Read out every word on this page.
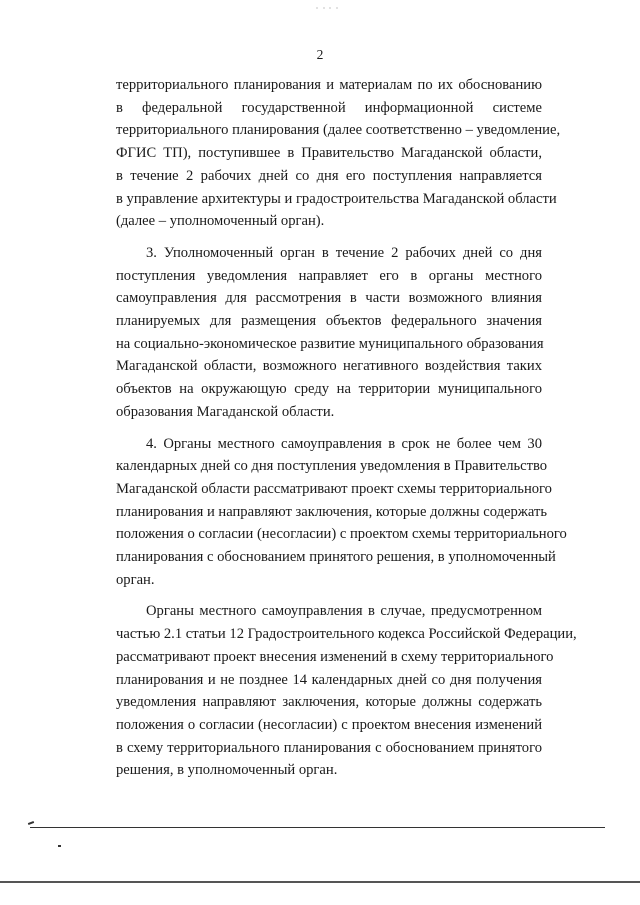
2
территориального планирования и материалам по их обоснованию
в федеральной государственной информационной системе
территориального планирования (далее соответственно – уведомление,
ФГИС ТП), поступившее в Правительство Магаданской области,
в течение 2 рабочих дней со дня его поступления направляется
в управление архитектуры и градостроительства Магаданской области
(далее – уполномоченный орган).
3. Уполномоченный орган в течение 2 рабочих дней со дня
поступления уведомления направляет его в органы местного
самоуправления для рассмотрения в части возможного влияния
планируемых для размещения объектов федерального значения
на социально-экономическое развитие муниципального образования
Магаданской области, возможного негативного воздействия таких
объектов на окружающую среду на территории муниципального
образования Магаданской области.
4. Органы местного самоуправления в срок не более чем 30
календарных дней со дня поступления уведомления в Правительство
Магаданской области рассматривают проект схемы территориального
планирования и направляют заключения, которые должны содержать
положения о согласии (несогласии) с проектом схемы территориального
планирования с обоснованием принятого решения, в уполномоченный
орган.
Органы местного самоуправления в случае, предусмотренном
частью 2.1 статьи 12 Градостроительного кодекса Российской Федерации,
рассматривают проект внесения изменений в схему территориального
планирования и не позднее 14 календарных дней со дня получения
уведомления направляют заключения, которые должны содержать
положения о согласии (несогласии) с проектом внесения изменений
в схему территориального планирования с обоснованием принятого
решения, в уполномоченный орган.
